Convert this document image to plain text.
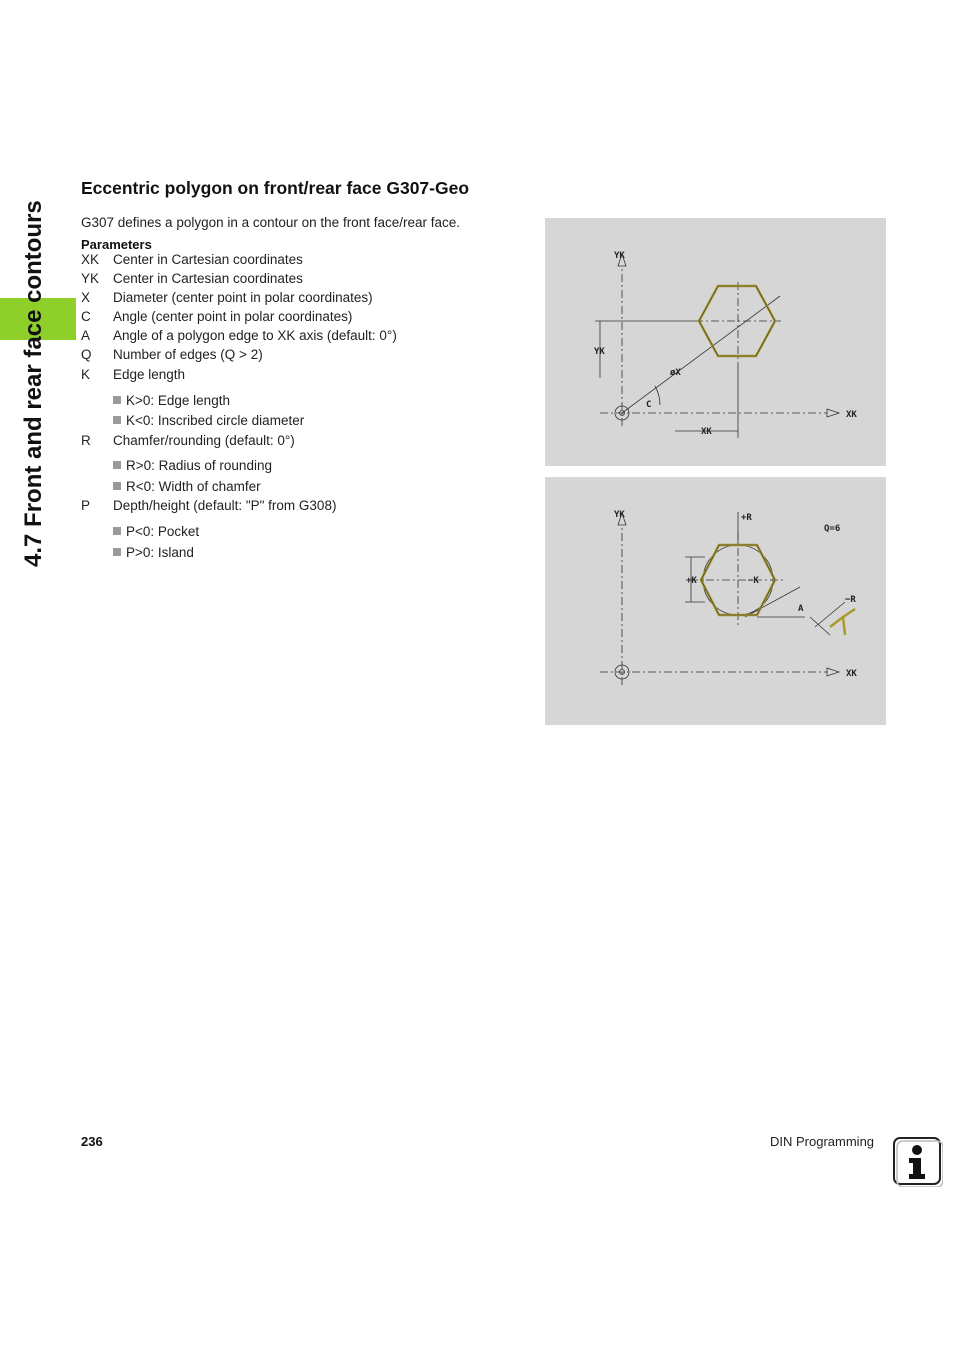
4.7 Front and rear face contours
Eccentric polygon on front/rear face G307-Geo
G307 defines a polygon in a contour on the front face/rear face.
Parameters
XK	Center in Cartesian coordinates
YK	Center in Cartesian coordinates
X	Diameter (center point in polar coordinates)
C	Angle (center point in polar coordinates)
A	Angle of a polygon edge to XK axis (default: 0°)
Q	Number of edges (Q > 2)
K	Edge length
K>0: Edge length
K<0: Inscribed circle diameter
R	Chamfer/rounding (default: 0°)
R>0: Radius of rounding
R<0: Width of chamfer
P	Depth/height (default: "P" from G308)
P<0: Pocket
P>0: Island
YK
XK
YK
XK
øX
C
YK
XK
+R
Q=6
+K	−K
A
−R
236	DIN Programming
